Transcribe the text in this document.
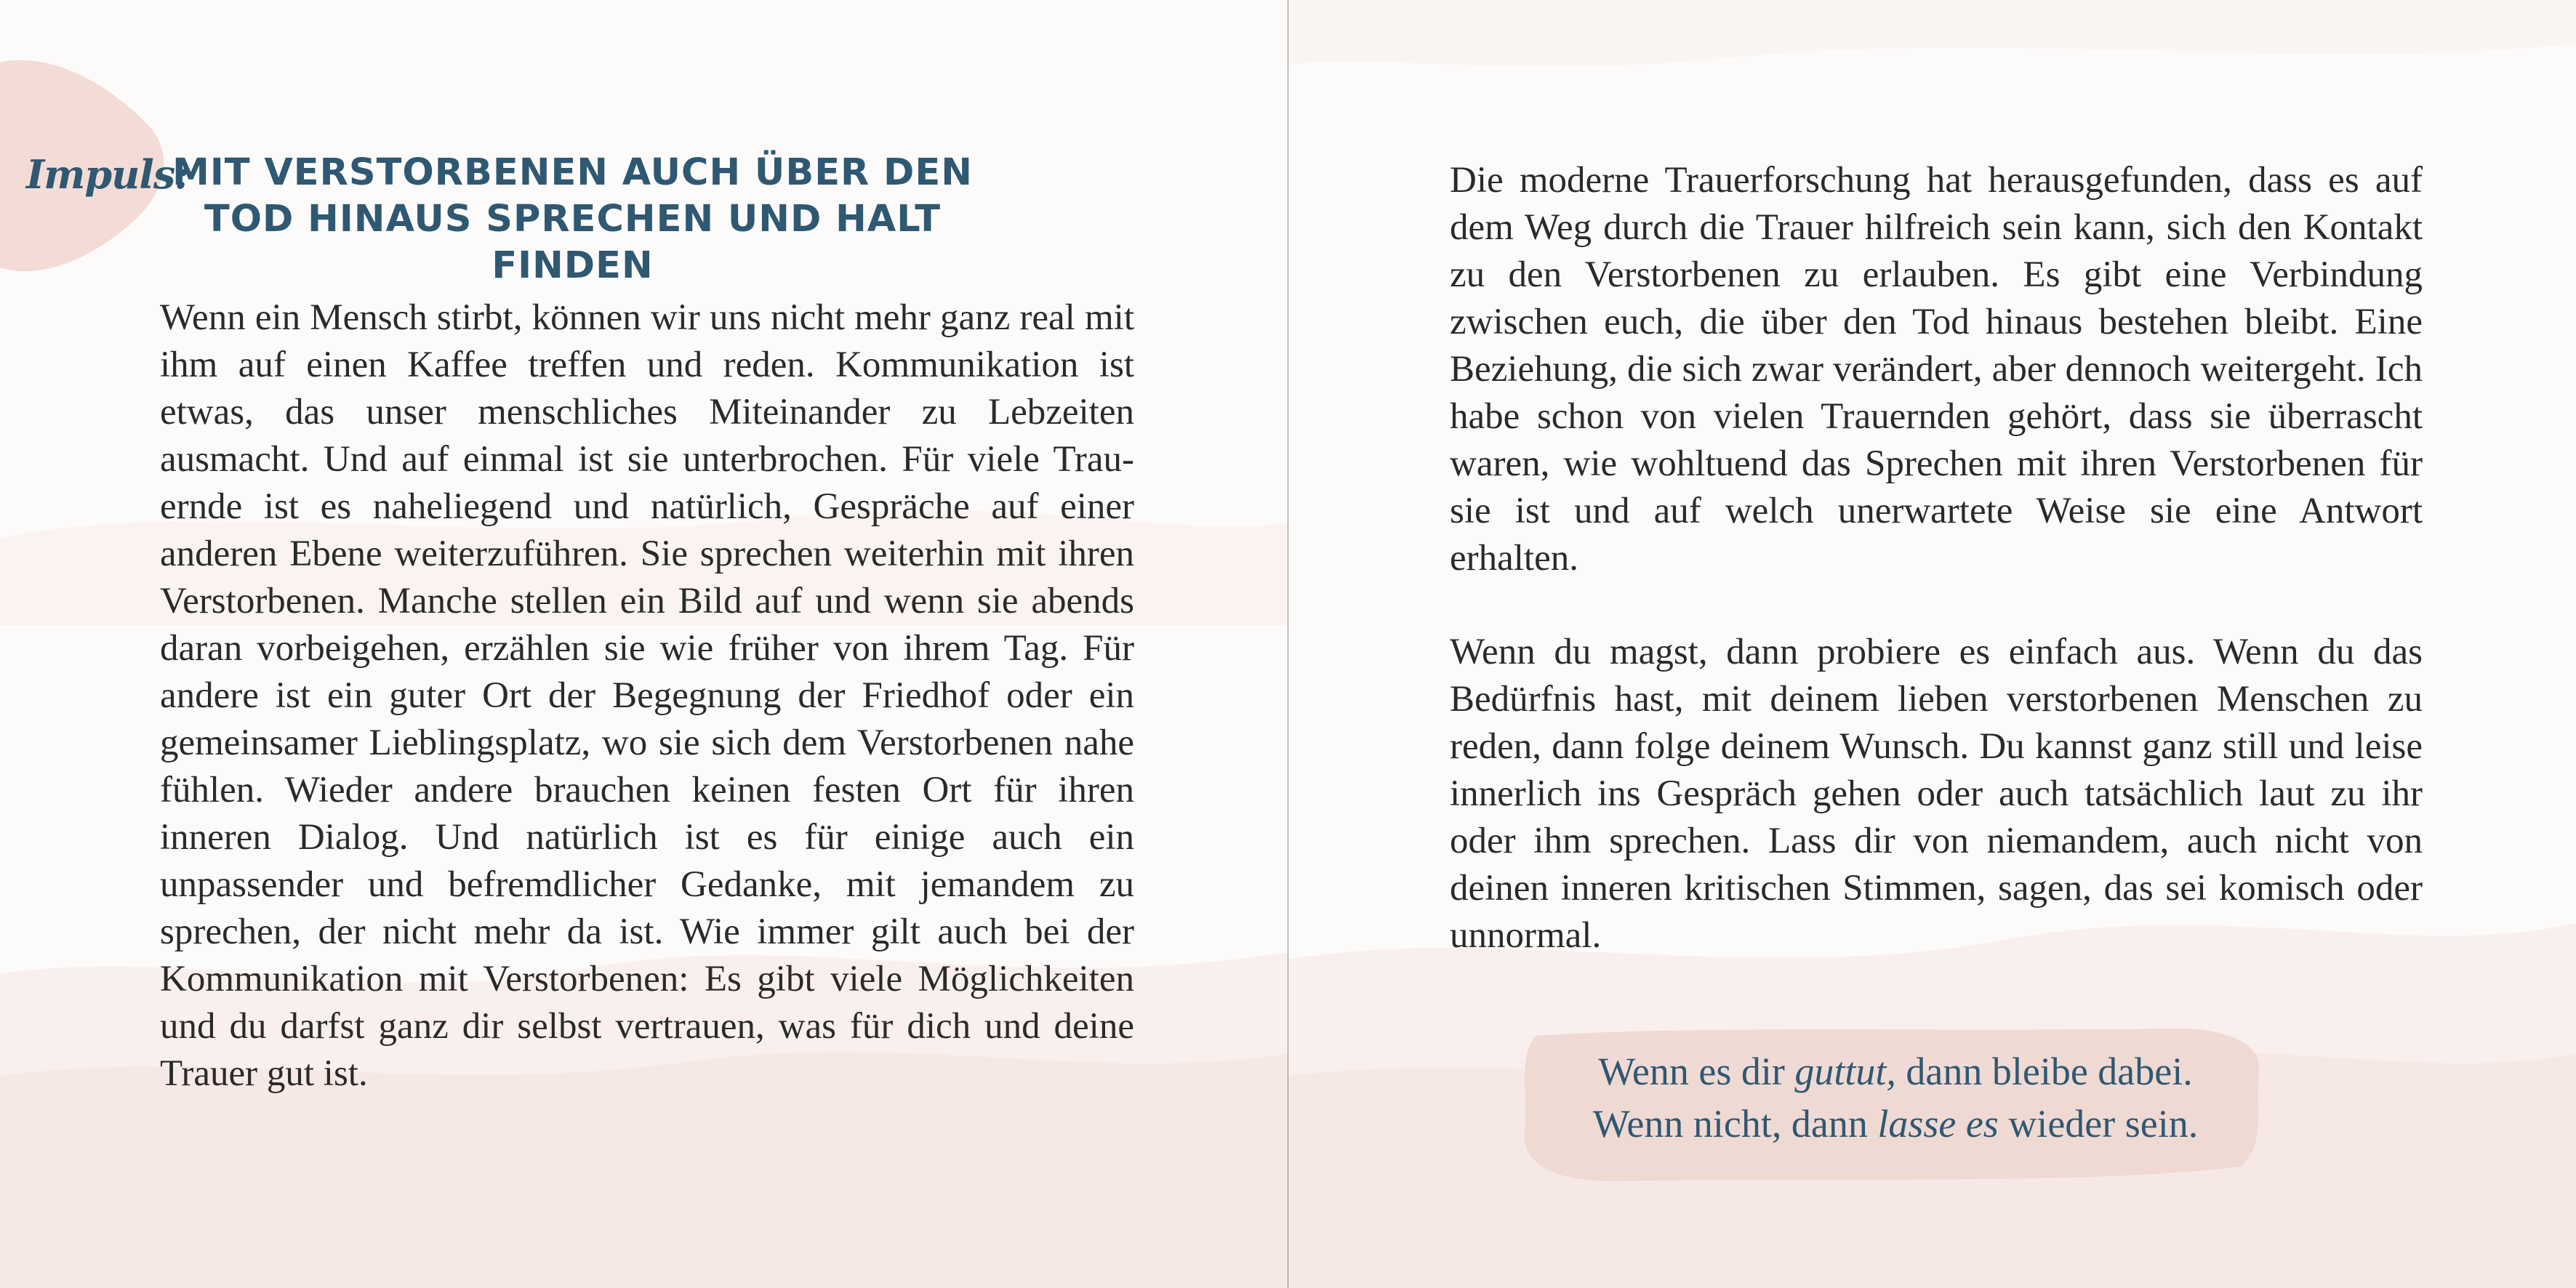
Impuls:

MIT VERSTORBENEN AUCH ÜBER DEN TOD HINAUS SPRECHEN UND HALT FINDEN

Wenn ein Mensch stirbt, können wir uns nicht mehr ganz real mit ihm auf einen Kaffee treffen und reden. Kommunikation ist etwas, das unser menschliches Miteinander zu Lebzeiten ausmacht. Und auf einmal ist sie unterbrochen. Für viele Trauernde ist es naheliegend und natürlich, Gespräche auf einer anderen Ebene weiterzuführen. Sie sprechen weiterhin mit ihren Verstorbenen. Manche stellen ein Bild auf und wenn sie abends daran vorbeigehen, erzählen sie wie früher von ihrem Tag. Für andere ist ein guter Ort der Begegnung der Friedhof oder ein gemeinsamer Lieblingsplatz, wo sie sich dem Verstorbenen nahe fühlen. Wieder andere brauchen keinen festen Ort für ihren inneren Dialog. Und natürlich ist es für einige auch ein unpassender und befremdlicher Gedanke, mit jemandem zu sprechen, der nicht mehr da ist. Wie immer gilt auch bei der Kommunikation mit Verstorbenen: Es gibt viele Möglichkeiten und du darfst ganz dir selbst vertrauen, was für dich und deine Trauer gut ist.

Die moderne Trauerforschung hat herausgefunden, dass es auf dem Weg durch die Trauer hilfreich sein kann, sich den Kontakt zu den Verstorbenen zu erlauben. Es gibt eine Verbindung zwischen euch, die über den Tod hinaus bestehen bleibt. Eine Beziehung, die sich zwar verändert, aber dennoch weitergeht. Ich habe schon von vielen Trauernden gehört, dass sie überrascht waren, wie wohltuend das Sprechen mit ihren Verstorbenen für sie ist und auf welch unerwartete Weise sie eine Antwort erhalten.

Wenn du magst, dann probiere es einfach aus. Wenn du das Bedürfnis hast, mit deinem lieben verstorbenen Menschen zu reden, dann folge deinem Wunsch. Du kannst ganz still und leise innerlich ins Gespräch gehen oder auch tatsächlich laut zu ihr oder ihm sprechen. Lass dir von niemandem, auch nicht von deinen inneren kritischen Stimmen, sagen, das sei komisch oder unnormal.

Wenn es dir guttut, dann bleibe dabei.
Wenn nicht, dann lasse es wieder sein.
